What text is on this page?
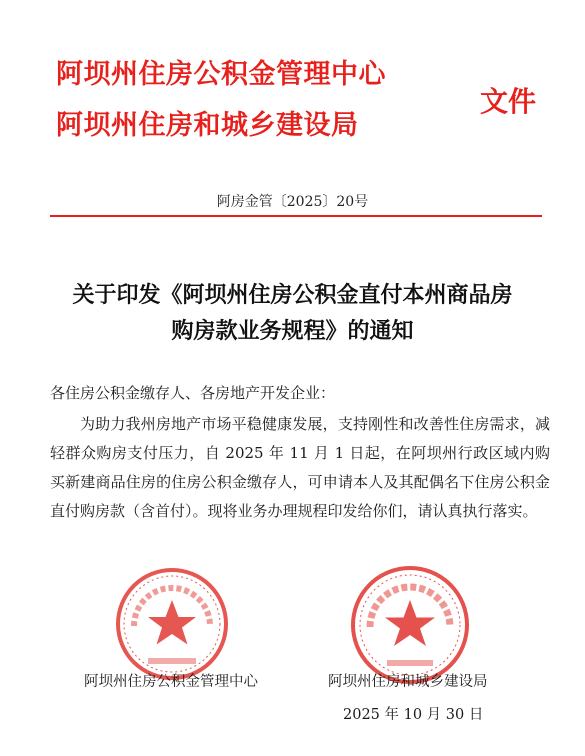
阿坝州住房公积金管理中心
阿坝州住房和城乡建设局
文件
阿房金管〔2025〕20号
关于印发《阿坝州住房公积金直付本州商品房
购房款业务规程》的通知
各住房公积金缴存人、各房地产开发企业：

为助力我州房地产市场平稳健康发展，支持刚性和改善性住房需求，减轻群众购房支付压力，自 2025 年 11 月 1 日起，在阿坝州行政区域内购买新建商品住房的住房公积金缴存人，可申请本人及其配偶名下住房公积金直付购房款（含首付）。现将业务办理规程印发给你们，请认真执行落实。

阿坝州住房公积金管理中心	阿坝州住房和城乡建设局
2025 年 10 月 30 日
